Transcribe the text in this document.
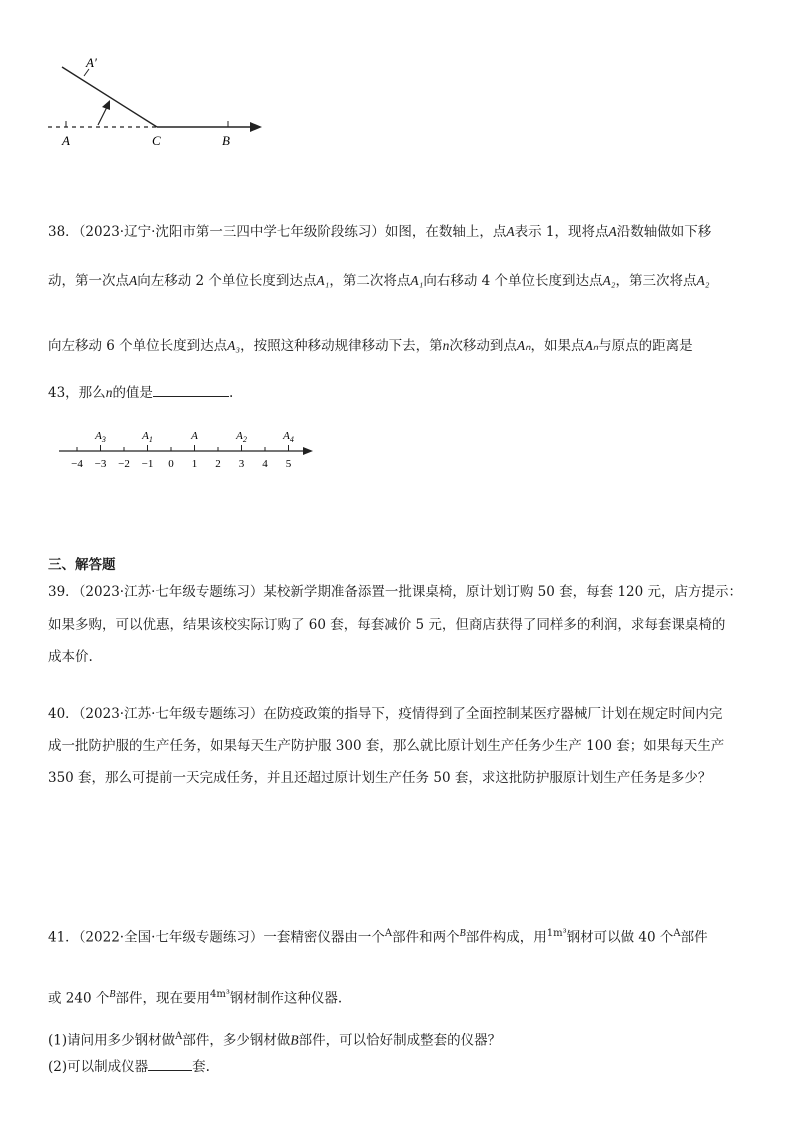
A′
A	C	B
38．（2023·辽宁·沈阳市第一三四中学七年级阶段练习）如图，在数轴上，点A表示 1，现将点A沿数轴做如下移
动，第一次点A向左移动 2 个单位长度到达点A₁，第二次将点A₁向右移动 4 个单位长度到达点A₂，第三次将点A₂
向左移动 6 个单位长度到达点A₃，按照这种移动规律移动下去，第n次移动到点Aₙ，如果点Aₙ与原点的距离是
43，那么n的值是	.
−4 −3 −2 −1 0 1 2 3 4 5
$A_3$	$A_1$	A	$A_2$	$A_4$
三、解答题
39．（2023·江苏·七年级专题练习）某校新学期准备添置一批课桌椅，原计划订购 50 套，每套 120 元，店方提示：
如果多购，可以优惠，结果该校实际订购了 60 套，每套减价 5 元，但商店获得了同样多的利润，求每套课桌椅的
成本价.
40．（2023·江苏·七年级专题练习）在防疫政策的指导下，疫情得到了全面控制某医疗器械厂计划在规定时间内完
成一批防护服的生产任务，如果每天生产防护服 300 套，那么就比原计划生产任务少生产 100 套；如果每天生产
350 套，那么可提前一天完成任务，并且还超过原计划生产任务 50 套，求这批防护服原计划生产任务是多少？
41．（2022·全国·七年级专题练习）一套精密仪器由一个$^A$部件和两个$^B$部件构成，用$^{1m^3}$钢材可以做 40 个$^A$部件
或 240 个$^B$部件，现在要用$^{4m^3}$钢材制作这种仪器.
(1)请问用多少钢材做$^A$部件，多少钢材做B部件，可以恰好制成整套的仪器？
(2)可以制成仪器	套.
